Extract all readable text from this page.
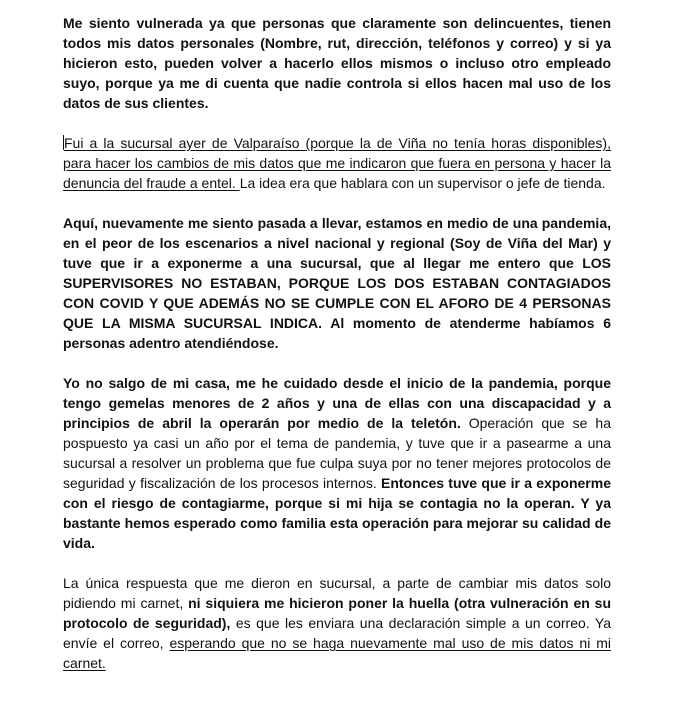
Me siento vulnerada ya que personas que claramente son delincuentes, tienen todos mis datos personales (Nombre, rut, dirección, teléfonos y correo) y si ya hicieron esto, pueden volver a hacerlo ellos mismos o incluso otro empleado suyo, porque ya me di cuenta que nadie controla si ellos hacen mal uso de los datos de sus clientes.

Fui a la sucursal ayer de Valparaíso (porque la de Viña no tenía horas disponibles), para hacer los cambios de mis datos que me indicaron que fuera en persona y hacer la denuncia del fraude a entel. La idea era que hablara con un supervisor o jefe de tienda.

Aquí, nuevamente me siento pasada a llevar, estamos en medio de una pandemia, en el peor de los escenarios a nivel nacional y regional (Soy de Viña del Mar) y tuve que ir a exponerme a una sucursal, que al llegar me entero que LOS SUPERVISORES NO ESTABAN, PORQUE LOS DOS ESTABAN CONTAGIADOS CON COVID Y QUE ADEMÁS NO SE CUMPLE CON EL AFORO DE 4 PERSONAS QUE LA MISMA SUCURSAL INDICA. Al momento de atenderme habíamos 6 personas adentro atendiéndose.

Yo no salgo de mi casa, me he cuidado desde el inicio de la pandemia, porque tengo gemelas menores de 2 años y una de ellas con una discapacidad y a principios de abril la operarán por medio de la teletón. Operación que se ha pospuesto ya casi un año por el tema de pandemia, y tuve que ir a pasearme a una sucursal a resolver un problema que fue culpa suya por no tener mejores protocolos de seguridad y fiscalización de los procesos internos. Entonces tuve que ir a exponerme con el riesgo de contagiarme, porque si mi hija se contagia no la operan. Y ya bastante hemos esperado como familia esta operación para mejorar su calidad de vida.

La única respuesta que me dieron en sucursal, a parte de cambiar mis datos solo pidiendo mi carnet, ni siquiera me hicieron poner la huella (otra vulneración en su protocolo de seguridad), es que les enviara una declaración simple a un correo. Ya envíe el correo, esperando que no se haga nuevamente mal uso de mis datos ni mi carnet.
